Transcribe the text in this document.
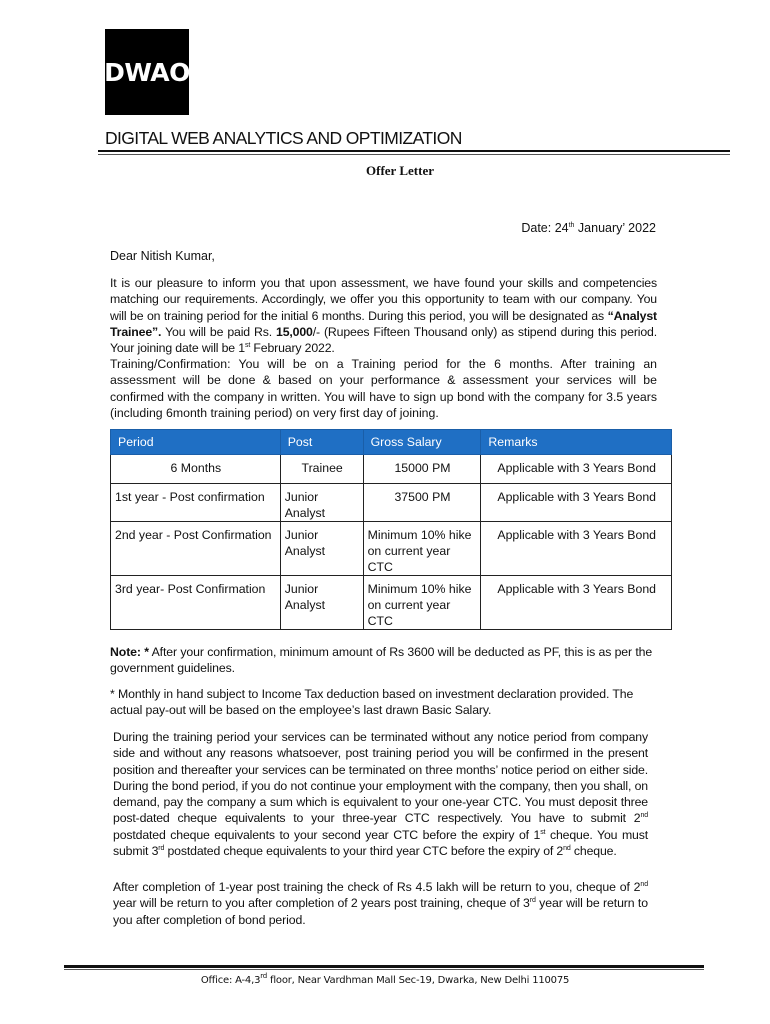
DWAO
DIGITAL WEB ANALYTICS AND OPTIMIZATION
Offer Letter
Date: 24th January’ 2022
Dear Nitish Kumar,
It is our pleasure to inform you that upon assessment, we have found your skills and competencies matching our requirements. Accordingly, we offer you this opportunity to team with our company. You will be on training period for the initial 6 months. During this period, you will be designated as “Analyst Trainee”. You will be paid Rs. 15,000/- (Rupees Fifteen Thousand only) as stipend during this period. Your joining date will be 1st February 2022.
Training/Confirmation: You will be on a Training period for the 6 months. After training an assessment will be done & based on your performance & assessment your services will be confirmed with the company in written. You will have to sign up bond with the company for 3.5 years (including 6month training period) on very first day of joining.
Period	Post	Gross Salary	Remarks
6 Months	Trainee	15000 PM	Applicable with 3 Years Bond
1st year - Post confirmation	Junior Analyst	37500 PM	Applicable with 3 Years Bond
2nd year - Post Confirmation	Junior Analyst	Minimum 10% hike on current year CTC	Applicable with 3 Years Bond
3rd year- Post Confirmation	Junior Analyst	Minimum 10% hike on current year CTC	Applicable with 3 Years Bond
Note: * After your confirmation, minimum amount of Rs 3600 will be deducted as PF, this is as per the government guidelines.
* Monthly in hand subject to Income Tax deduction based on investment declaration provided. The actual pay-out will be based on the employee’s last drawn Basic Salary.
During the training period your services can be terminated without any notice period from company side and without any reasons whatsoever, post training period you will be confirmed in the present position and thereafter your services can be terminated on three months’ notice period on either side. During the bond period, if you do not continue your employment with the company, then you shall, on demand, pay the company a sum which is equivalent to your one-year CTC. You must deposit three post-dated cheque equivalents to your three-year CTC respectively. You have to submit 2nd postdated cheque equivalents to your second year CTC before the expiry of 1st cheque. You must submit 3rd postdated cheque equivalents to your third year CTC before the expiry of 2nd cheque.
After completion of 1-year post training the check of Rs 4.5 lakh will be return to you, cheque of 2nd year will be return to you after completion of 2 years post training, cheque of 3rd year will be return to you after completion of bond period.
Office: A-4,3rd floor, Near Vardhman Mall Sec-19, Dwarka, New Delhi 110075
